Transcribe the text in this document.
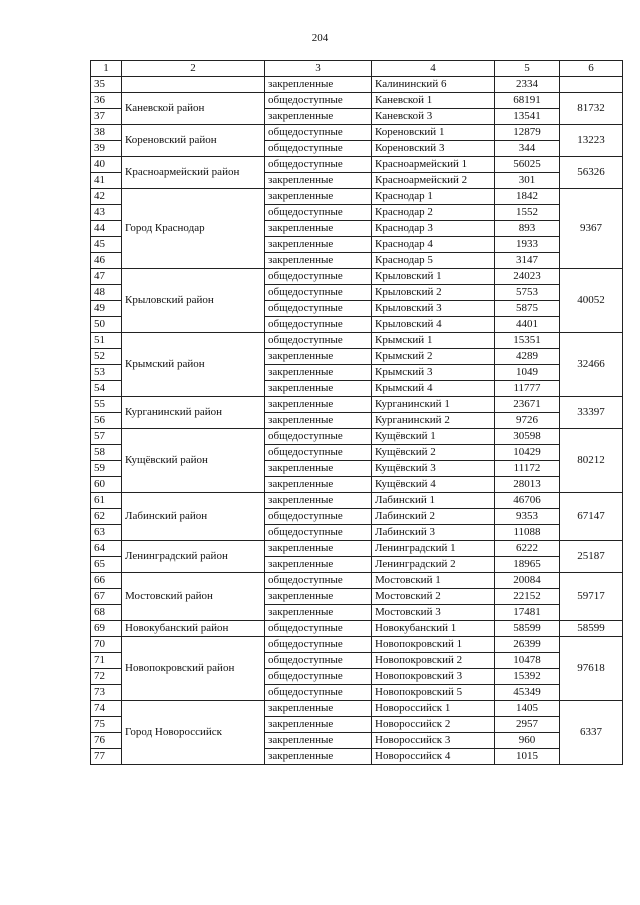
204
1	2	3	4	5	6
35		закрепленные	Калининский 6	2334	
36	Каневской район	общедоступные	Каневской 1	68191	81732
37		закрепленные	Каневской 3	13541	
38	Кореновский район	общедоступные	Кореновский 1	12879	13223
39		общедоступные	Кореновский 3	344	
40	Красноармейский район	общедоступные	Красноармейский 1	56025	56326
41		закрепленные	Красноармейский 2	301	
42	Город Краснодар	закрепленные	Краснодар 1	1842	9367
43		общедоступные	Краснодар 2	1552	
44		закрепленные	Краснодар 3	893	
45		закрепленные	Краснодар 4	1933	
46		закрепленные	Краснодар 5	3147	
47	Крыловский район	общедоступные	Крыловский 1	24023	40052
48		общедоступные	Крыловский 2	5753	
49		общедоступные	Крыловский 3	5875	
50		общедоступные	Крыловский 4	4401	
51	Крымский район	общедоступные	Крымский 1	15351	32466
52		закрепленные	Крымский 2	4289	
53		закрепленные	Крымский 3	1049	
54		закрепленные	Крымский 4	11777	
55	Курганинский район	закрепленные	Курганинский 1	23671	33397
56		закрепленные	Курганинский 2	9726	
57	Кущёвский район	общедоступные	Кущёвский 1	30598	80212
58		общедоступные	Кущёвский 2	10429	
59		закрепленные	Кущёвский 3	11172	
60		закрепленные	Кущёвский 4	28013	
61	Лабинский район	закрепленные	Лабинский 1	46706	67147
62		общедоступные	Лабинский 2	9353	
63		общедоступные	Лабинский 3	11088	
64	Ленинградский район	закрепленные	Ленинградский 1	6222	25187
65		закрепленные	Ленинградский 2	18965	
66	Мостовский район	общедоступные	Мостовский 1	20084	59717
67		закрепленные	Мостовский 2	22152	
68		закрепленные	Мостовский 3	17481	
69	Новокубанский район	общедоступные	Новокубанский 1	58599	58599
70	Новопокровский район	общедоступные	Новопокровский 1	26399	97618
71		общедоступные	Новопокровский 2	10478	
72		общедоступные	Новопокровский 3	15392	
73		общедоступные	Новопокровский 5	45349	
74	Город Новороссийск	закрепленные	Новороссийск 1	1405	6337
75		закрепленные	Новороссийск 2	2957	
76		закрепленные	Новороссийск 3	960	
77		закрепленные	Новороссийск 4	1015	
